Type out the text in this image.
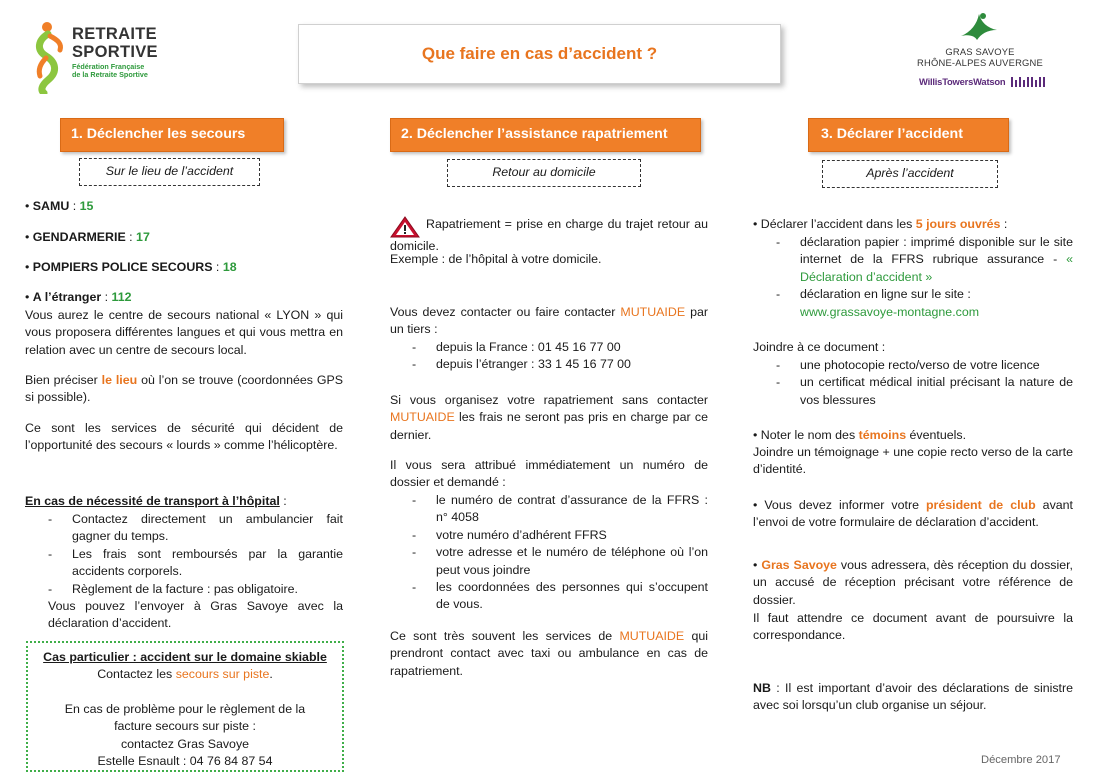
RETRAITE
SPORTIVE
Fédération Française
de la Retraite Sportive
Que faire en cas d’accident ?	GRAS SAVOYE
RHÔNE-ALPES AUVERGNE
WillisTowersWatson
1. Déclencher les secours	2. Déclencher l’assistance rapatriement	3. Déclarer l’accident
Sur le lieu de l’accident	Retour au domicile	Après l’accident
• SAMU : 15
• GENDARMERIE : 17
• POMPIERS POLICE SECOURS : 18
• A l’étranger : 112
Vous aurez le centre de secours national « LYON » qui vous proposera différentes langues et qui vous mettra en relation avec un centre de secours local.
Bien préciser le lieu où l’on se trouve (coordonnées GPS si possible).
Ce sont les services de sécurité qui décident de l’opportunité des secours « lourds » comme l’hélicoptère.
En cas de nécessité de transport à l’hôpital :
- Contactez directement un ambulancier fait gagner du temps.
- Les frais sont remboursés par la garantie accidents corporels.
- Règlement de la facture : pas obligatoire.
Vous pouvez l’envoyer à Gras Savoye avec la déclaration d’accident.
Cas particulier : accident sur le domaine skiable
Contactez les secours sur piste.
En cas de problème pour le règlement de la facture secours sur piste :
contactez Gras Savoye
Estelle Esnault : 04 76 84 87 54
Rapatriement = prise en charge du trajet retour au domicile.
Exemple : de l’hôpital à votre domicile.
Vous devez contacter ou faire contacter MUTUAIDE par un tiers :
- depuis la France : 01 45 16 77 00
- depuis l’étranger : 33 1 45 16 77 00
Si vous organisez votre rapatriement sans contacter MUTUAIDE les frais ne seront pas pris en charge par ce dernier.
Il vous sera attribué immédiatement un numéro de dossier et demandé :
- le numéro de contrat d’assurance de la FFRS : n° 4058
- votre numéro d’adhérent FFRS
- votre adresse et le numéro de téléphone où l’on peut vous joindre
- les coordonnées des personnes qui s’occupent de vous.
Ce sont très souvent les services de MUTUAIDE qui prendront contact avec taxi ou ambulance en cas de rapatriement.
• Déclarer l’accident dans les 5 jours ouvrés :
- déclaration papier : imprimé disponible sur le site internet de la FFRS rubrique assurance - « Déclaration d’accident »
- déclaration en ligne sur le site :
www.grassavoye-montagne.com
Joindre à ce document :
- une photocopie recto/verso de votre licence
- un certificat médical initial précisant la nature de vos blessures
• Noter le nom des témoins éventuels.
Joindre un témoignage + une copie recto verso de la carte d’identité.
• Vous devez informer votre président de club avant l’envoi de votre formulaire de déclaration d’accident.
• Gras Savoye vous adressera, dès réception du dossier, un accusé de réception précisant votre référence de dossier.
Il faut attendre ce document avant de poursuivre la correspondance.
NB : Il est important d’avoir des déclarations de sinistre avec soi lorsqu’un club organise un séjour.
Décembre 2017
